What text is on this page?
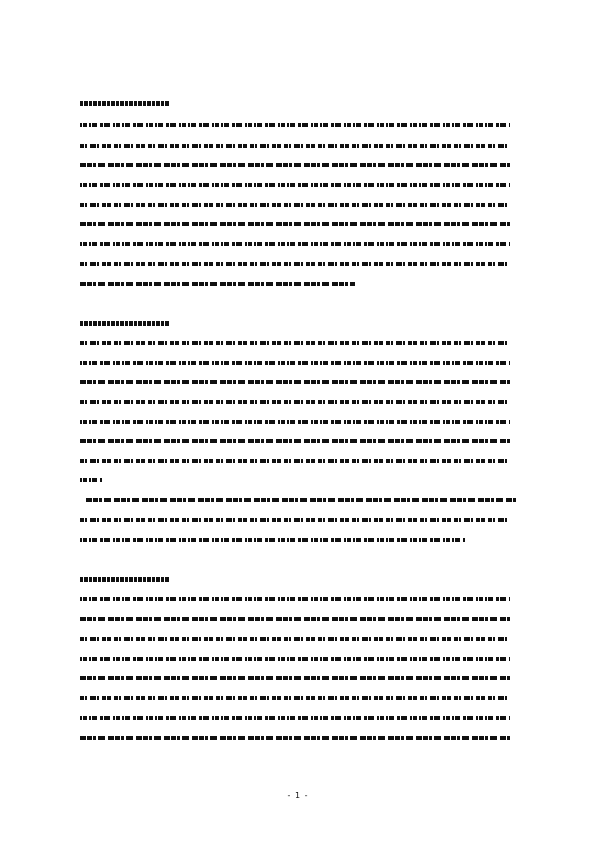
- 1 -
